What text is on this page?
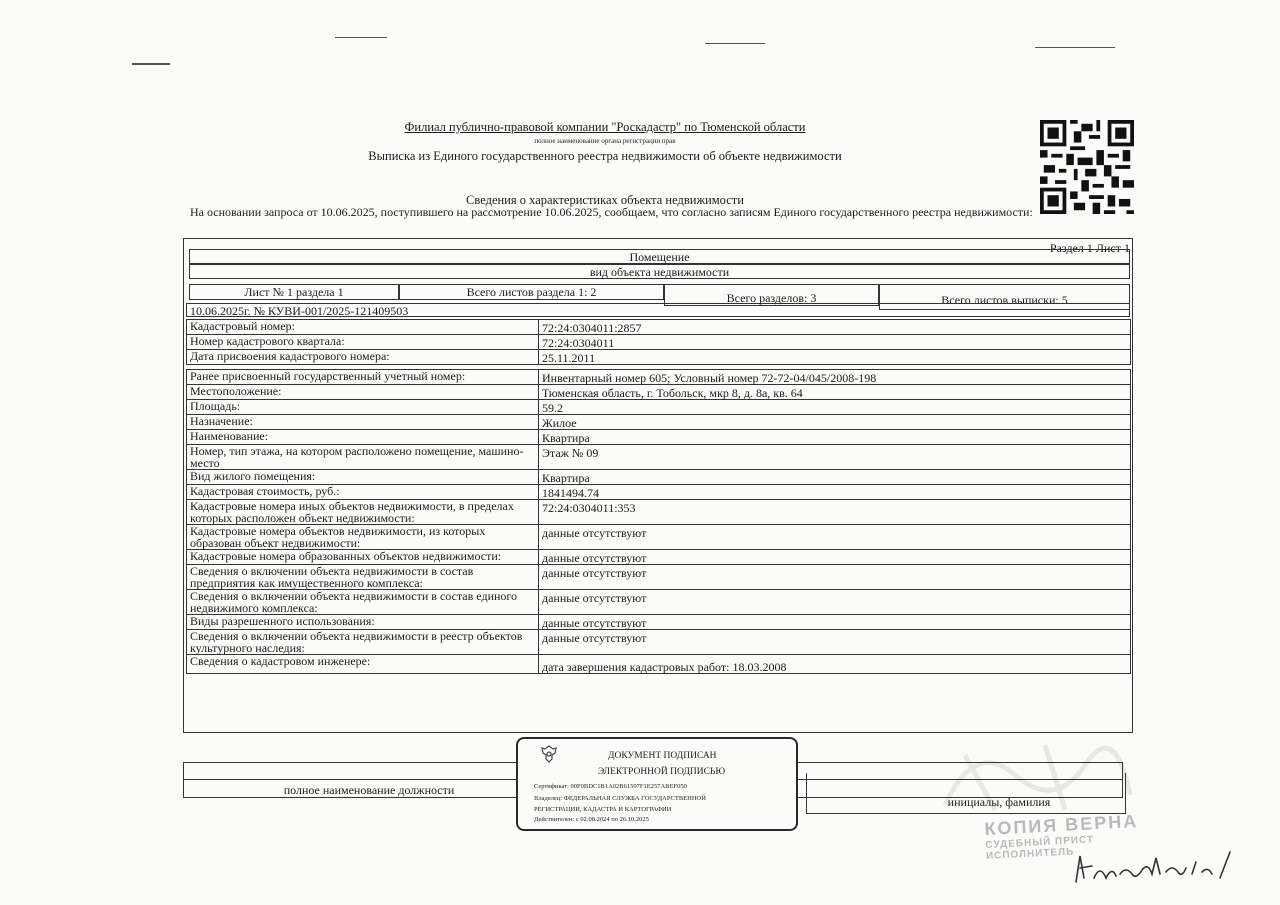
Филиал публично-правовой компании "Роскадастр" по Тюменской области
полное наименование органа регистрации прав
Выписка из Единого государственного реестра недвижимости об объекте недвижимости
Сведения о характеристиках объекта недвижимости
На основании запроса от 10.06.2025, поступившего на рассмотрение 10.06.2025, сообщаем, что согласно записям Единого государственного реестра недвижимости:
Раздел 1 Лист 1
Помещение
вид объекта недвижимости
Лист № 1 раздела 1	Всего листов раздела 1: 2	Всего разделов: 3	Всего листов выписки: 5
10.06.2025г. № КУВИ-001/2025-121409503
Кадастровый номер:	72:24:0304011:2857
Номер кадастрового квартала:	72:24:0304011
Дата присвоения кадастрового номера:	25.11.2011

Ранее присвоенный государственный учетный номер:	Инвентарный номер 605; Условный номер 72-72-04/045/2008-198
Местоположение:	Тюменская область, г. Тобольск, мкр 8, д. 8а, кв. 64
Площадь:	59.2
Назначение:	Жилое
Наименование:	Квартира
Номер, тип этажа, на котором расположено помещение, машино-место	Этаж № 09
Вид жилого помещения:	Квартира
Кадастровая стоимость, руб.:	1841494.74
Кадастровые номера иных объектов недвижимости, в пределах которых расположен объект недвижимости:	72:24:0304011:353
Кадастровые номера объектов недвижимости, из которых образован объект недвижимости:	данные отсутствуют
Кадастровые номера образованных объектов недвижимости:	данные отсутствуют
Сведения о включении объекта недвижимости в состав предприятия как имущественного комплекса:	данные отсутствуют
Сведения о включении объекта недвижимости в состав единого недвижимого комплекса:	данные отсутствуют
Виды разрешенного использования:	данные отсутствуют
Сведения о включении объекта недвижимости в реестр объектов культурного наследия:	данные отсутствуют
Сведения о кадастровом инженере:	дата завершения кадастровых работ: 18.03.2008
полное наименование должности
инициалы, фамилия
ДОКУМЕНТ ПОДПИСАН
ЭЛЕКТРОННОЙ ПОДПИСЬЮ
Сертификат: 00F0BDC1B1A02B61597F1E257ABEF050
Владелец: ФЕДЕРАЛЬНАЯ СЛУЖБА ГОСУДАРСТВЕННОЙ
РЕГИСТРАЦИИ, КАДАСТРА И КАРТОГРАФИИ
Действителен: с 02.08.2024 по 26.10.2025	КОПИЯ ВЕРНА
СУДЕБНЫЙ ПРИСТ
ИСПОЛНИТЕЛЬ
